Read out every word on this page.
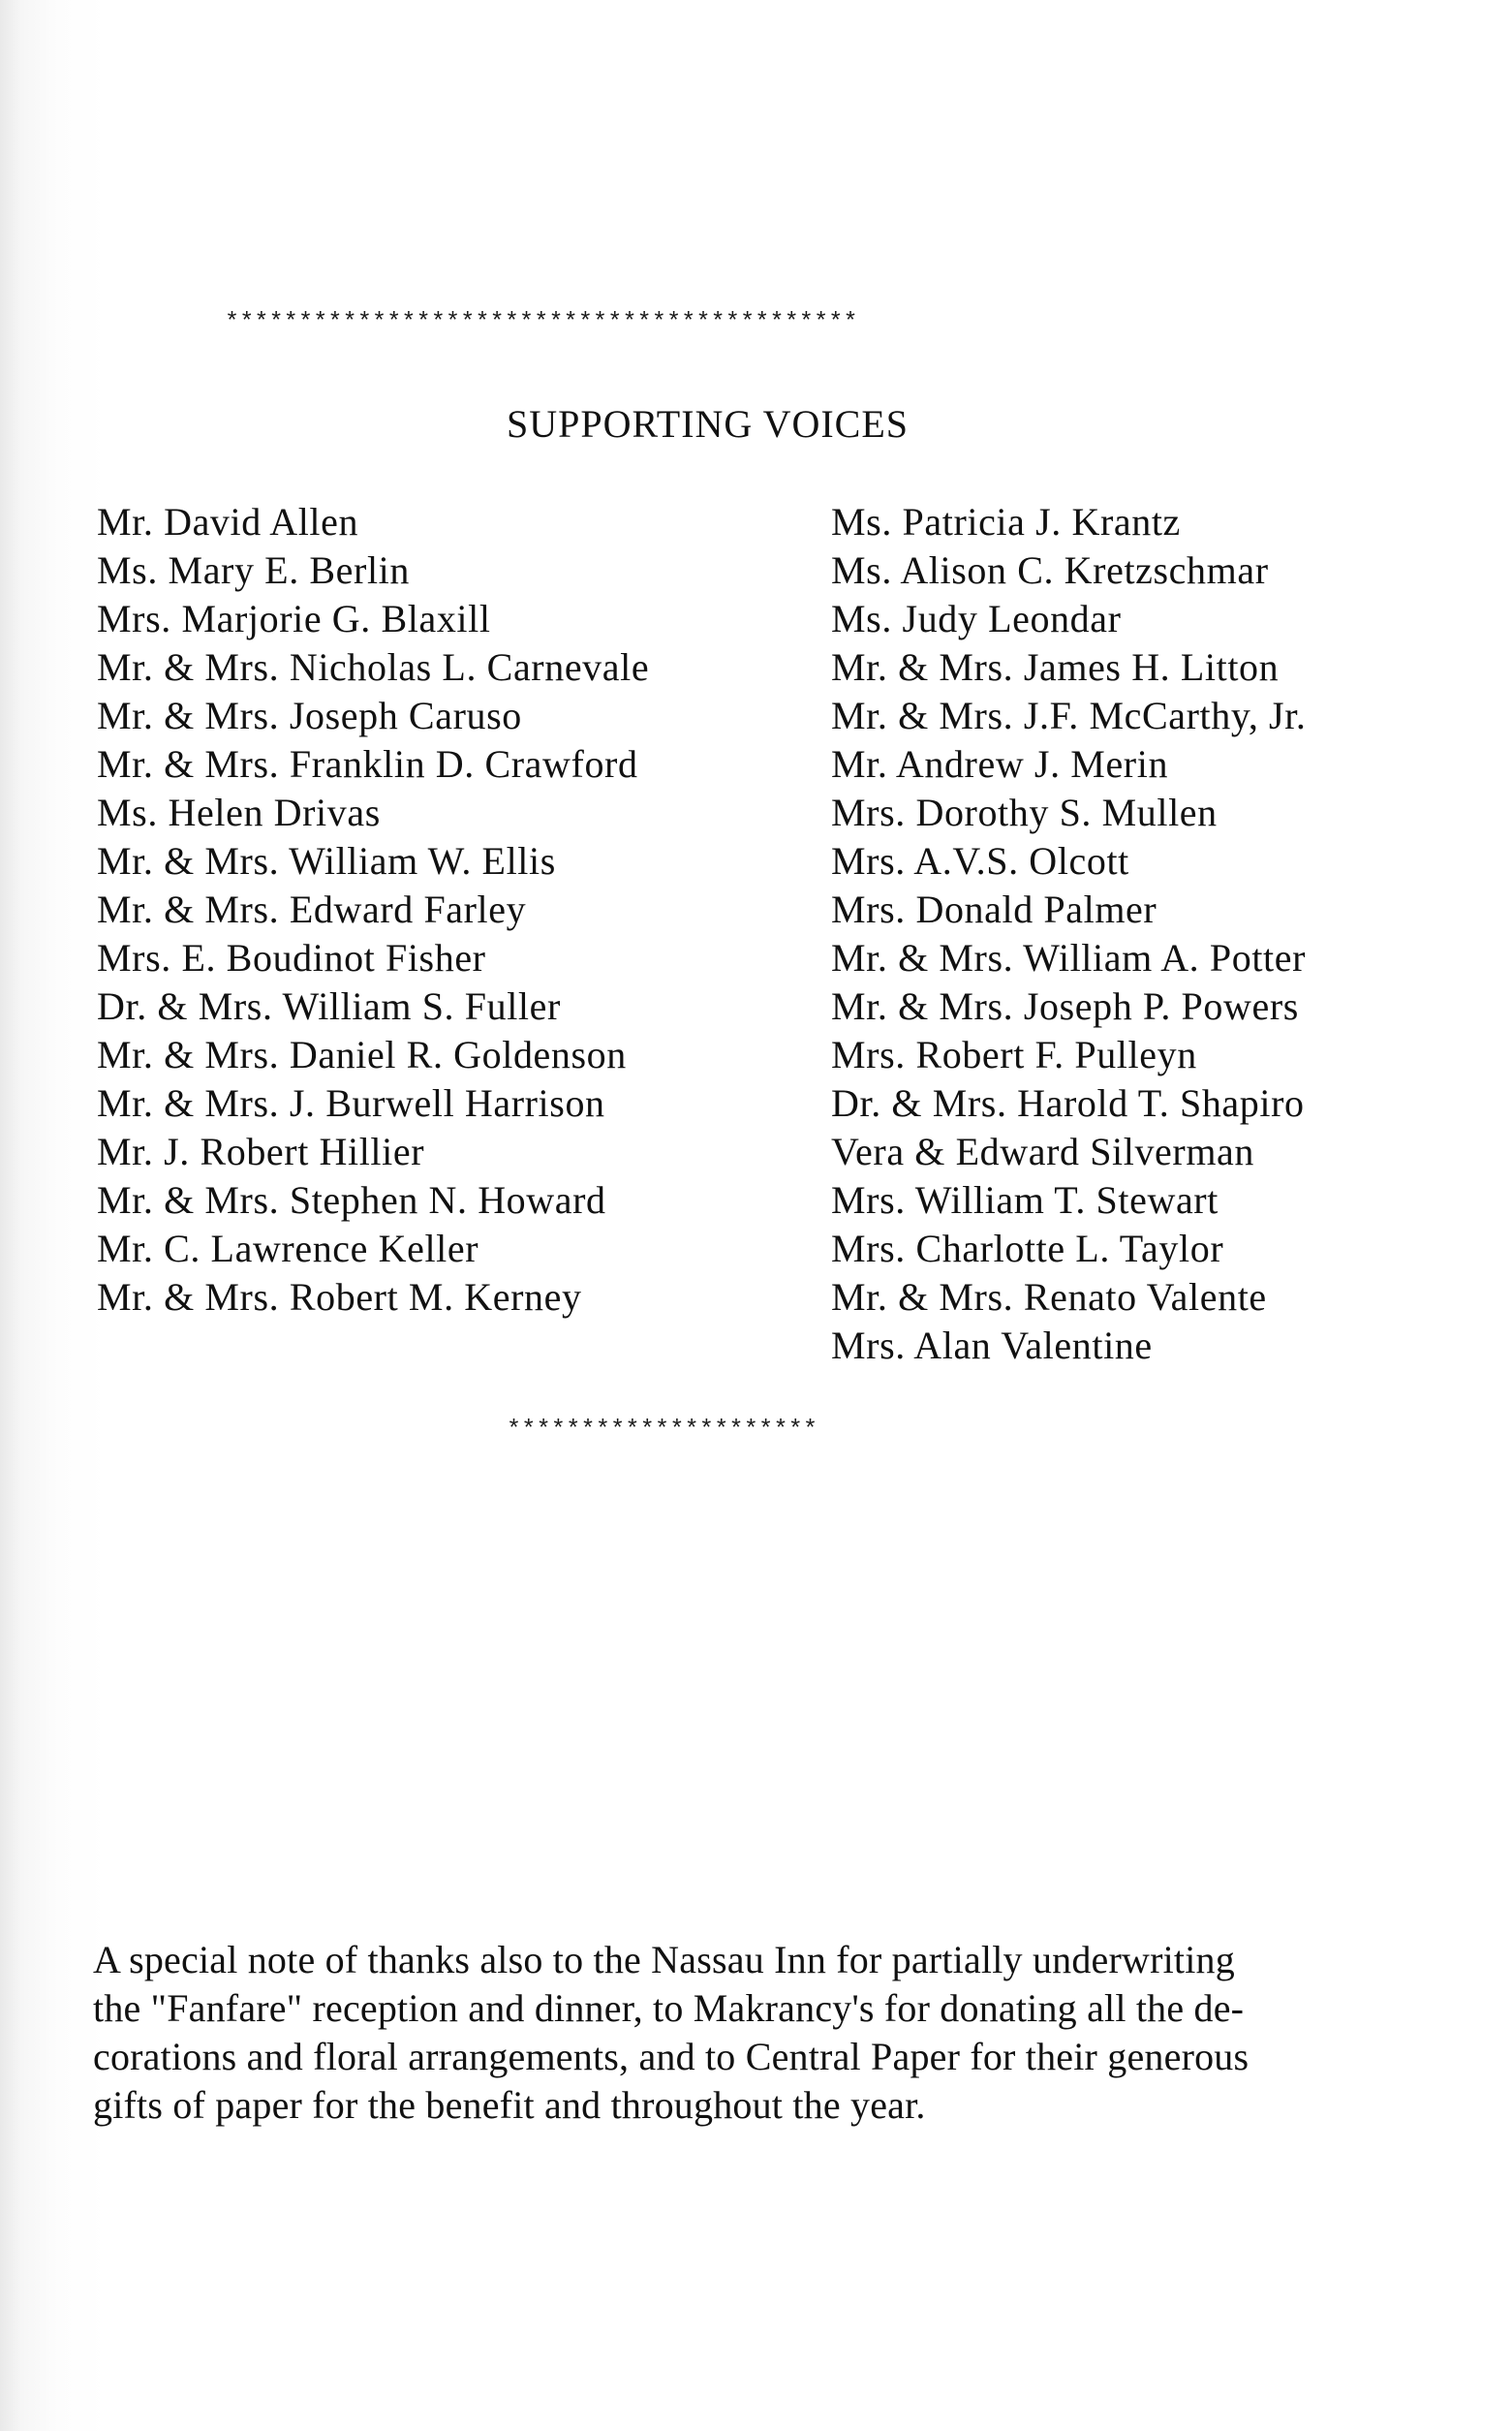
*******************************************
SUPPORTING VOICES
Mr. David Allen
Ms. Mary E. Berlin
Mrs. Marjorie G. Blaxill
Mr. & Mrs. Nicholas L. Carnevale
Mr. & Mrs. Joseph Caruso
Mr. & Mrs. Franklin D. Crawford
Ms. Helen Drivas
Mr. & Mrs. William W. Ellis
Mr. & Mrs. Edward Farley
Mrs. E. Boudinot Fisher
Dr. & Mrs. William S. Fuller
Mr. & Mrs. Daniel R. Goldenson
Mr. & Mrs. J. Burwell Harrison
Mr. J. Robert Hillier
Mr. & Mrs. Stephen N. Howard
Mr. C. Lawrence Keller
Mr. & Mrs. Robert M. Kerney
Ms. Patricia J. Krantz
Ms. Alison C. Kretzschmar
Ms. Judy Leondar
Mr. & Mrs. James H. Litton
Mr. & Mrs. J.F. McCarthy, Jr.
Mr. Andrew J. Merin
Mrs. Dorothy S. Mullen
Mrs. A.V.S. Olcott
Mrs. Donald Palmer
Mr. & Mrs. William A. Potter
Mr. & Mrs. Joseph P. Powers
Mrs. Robert F. Pulleyn
Dr. & Mrs. Harold T. Shapiro
Vera & Edward Silverman
Mrs. William T. Stewart
Mrs. Charlotte L. Taylor
Mr. & Mrs. Renato Valente
Mrs. Alan Valentine
*********************

A special note of thanks also to the Nassau Inn for partially underwriting
the "Fanfare" reception and dinner, to Makrancy's for donating all the de-
corations and floral arrangements, and to Central Paper for their generous
gifts of paper for the benefit and throughout the year.
